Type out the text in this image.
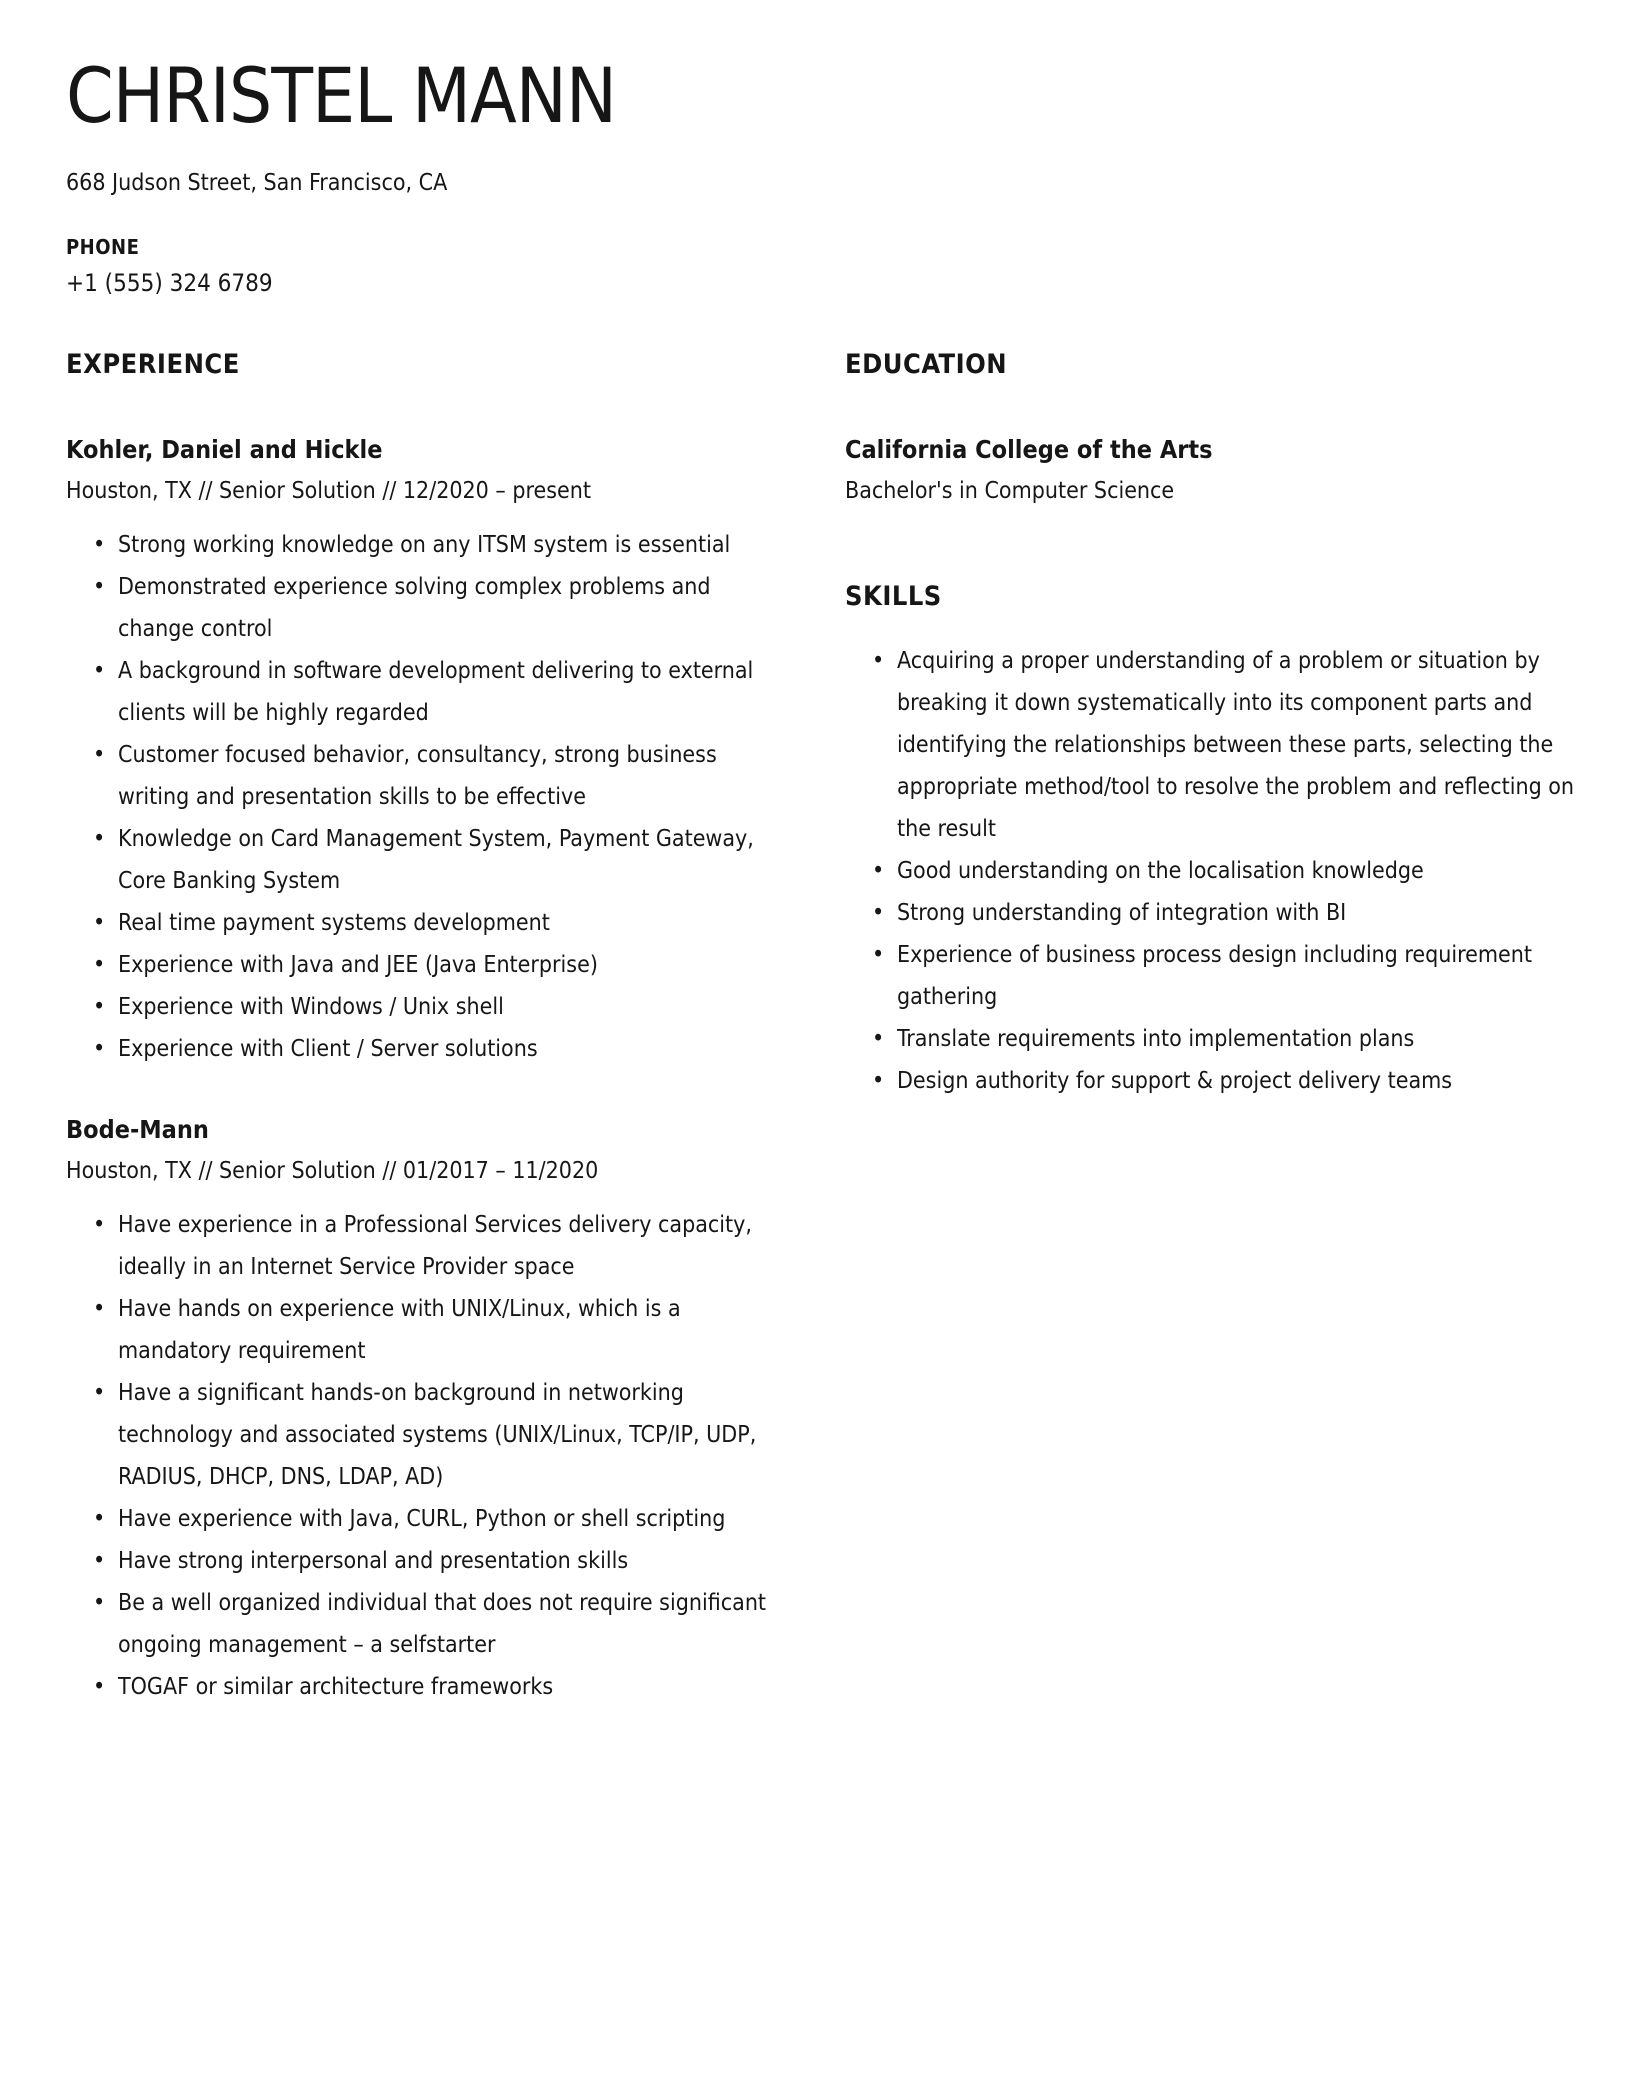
CHRISTEL MANN

668 Judson Street, San Francisco, CA

PHONE

+1 (555) 324 6789

EXPERIENCE
Kohler, Daniel and Hickle

Houston, TX // Senior Solution // 12/2020 – present

• Strong working knowledge on any ITSM system is essential
• Demonstrated experience solving complex problems and change control
• A background in software development delivering to external clients will be highly regarded
• Customer focused behavior, consultancy, strong business writing and presentation skills to be effective
• Knowledge on Card Management System, Payment Gateway, Core Banking System
• Real time payment systems development
• Experience with Java and JEE (Java Enterprise)
• Experience with Windows / Unix shell
• Experience with Client / Server solutions
Bode-Mann

Houston, TX // Senior Solution // 01/2017 – 11/2020

• Have experience in a Professional Services delivery capacity, ideally in an Internet Service Provider space
• Have hands on experience with UNIX/Linux, which is a mandatory requirement
• Have a significant hands-on background in networking technology and associated systems (UNIX/Linux, TCP/IP, UDP, RADIUS, DHCP, DNS, LDAP, AD)
• Have experience with Java, CURL, Python or shell scripting
• Have strong interpersonal and presentation skills
• Be a well organized individual that does not require significant ongoing management – a selfstarter
• TOGAF or similar architecture frameworks
EDUCATION
California College of the Arts

Bachelor's in Computer Science

SKILLS
• Acquiring a proper understanding of a problem or situation by breaking it down systematically into its component parts and identifying the relationships between these parts, selecting the appropriate method/tool to resolve the problem and reflecting on the result
• Good understanding on the localisation knowledge
• Strong understanding of integration with BI
• Experience of business process design including requirement gathering
• Translate requirements into implementation plans
• Design authority for support & project delivery teams
